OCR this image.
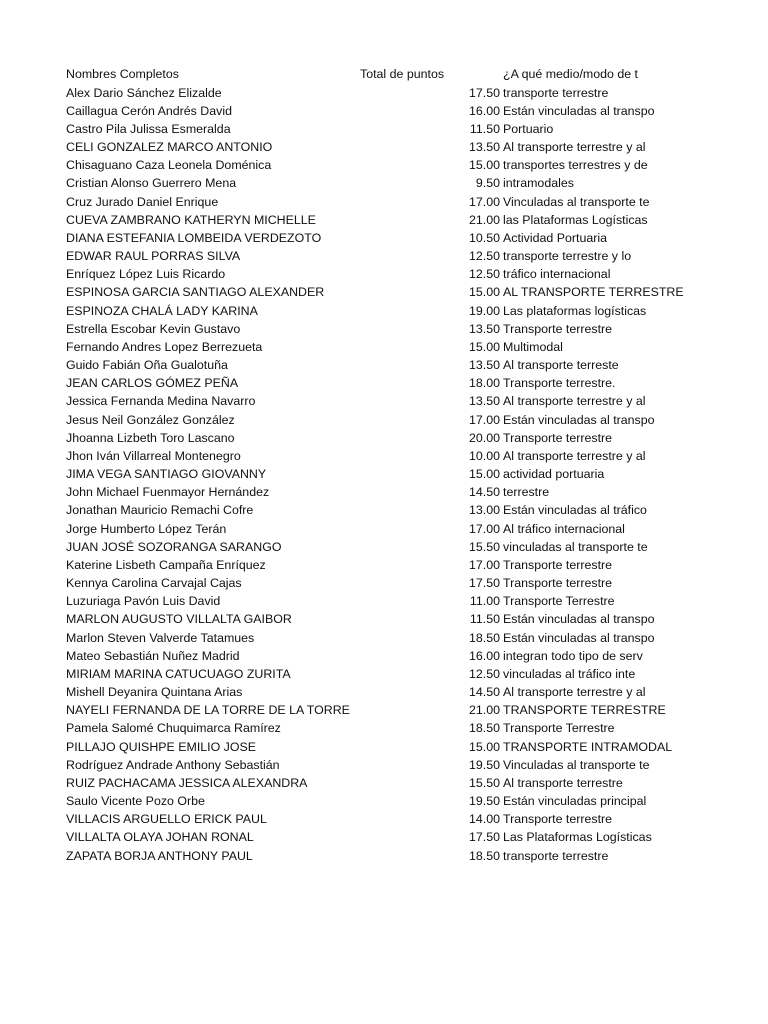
Nombres Completos	Total de puntos	¿A qué medio/modo de t
Alex Dario Sánchez Elizalde	17.50 transporte terrestre
Caillagua Cerón Andrés David	16.00 Están vinculadas al transpo
Castro Pila Julissa Esmeralda	11.50 Portuario
CELI GONZALEZ MARCO ANTONIO	13.50 Al transporte terrestre y al
Chisaguano Caza Leonela Doménica	15.00 transportes terrestres y de
Cristian Alonso Guerrero Mena	9.50 intramodales
Cruz Jurado Daniel Enrique	17.00 Vinculadas al transporte te
CUEVA ZAMBRANO KATHERYN MICHELLE	21.00 las Plataformas Logísticas
DIANA ESTEFANIA LOMBEIDA VERDEZOTO	10.50 Actividad Portuaria
EDWAR RAUL PORRAS SILVA	12.50 transporte terrestre y lo
Enríquez López Luis Ricardo	12.50 tráfico internacional
ESPINOSA GARCIA SANTIAGO ALEXANDER	15.00 AL TRANSPORTE TERRESTRE
ESPINOZA CHALÁ LADY KARINA	19.00 Las plataformas logísticas
Estrella Escobar Kevin Gustavo	13.50 Transporte terrestre
Fernando Andres Lopez Berrezueta	15.00 Multimodal
Guido Fabián Oña Gualotuña	13.50 Al transporte terreste
JEAN CARLOS GÓMEZ PEÑA	18.00 Transporte terrestre.
Jessica Fernanda Medina Navarro	13.50 Al transporte terrestre y al
Jesus Neil González González	17.00 Están vinculadas al transpo
Jhoanna Lizbeth Toro Lascano	20.00 Transporte terrestre
Jhon Iván Villarreal Montenegro	10.00 Al transporte terrestre y al
JIMA VEGA SANTIAGO GIOVANNY	15.00 actividad portuaria
John Michael Fuenmayor Hernández	14.50 terrestre
Jonathan Mauricio Remachi Cofre	13.00 Están vinculadas al tráfico
Jorge Humberto López Terán	17.00 Al tráfico internacional
JUAN JOSÉ SOZORANGA SARANGO	15.50 vinculadas al transporte te
Katerine Lisbeth Campaña Enríquez	17.00 Transporte terrestre
Kennya Carolina Carvajal Cajas	17.50 Transporte terrestre
Luzuriaga Pavón Luis David	11.00 Transporte Terrestre
MARLON AUGUSTO VILLALTA GAIBOR	11.50 Están vinculadas al transpo
Marlon Steven Valverde Tatamues	18.50 Están vinculadas al transpo
Mateo Sebastián Nuñez Madrid	16.00 integran todo tipo de serv
MIRIAM MARINA CATUCUAGO ZURITA	12.50 vinculadas al tráfico inte
Mishell Deyanira Quintana Arias	14.50 Al transporte terrestre y al
NAYELI FERNANDA DE LA TORRE DE LA TORRE	21.00 TRANSPORTE TERRESTRE
Pamela Salomé Chuquimarca Ramírez	18.50 Transporte Terrestre
PILLAJO QUISHPE EMILIO JOSE	15.00 TRANSPORTE INTRAMODAL
Rodríguez Andrade Anthony Sebastián	19.50 Vinculadas al transporte te
RUIZ PACHACAMA JESSICA ALEXANDRA	15.50 Al transporte terrestre
Saulo Vicente Pozo Orbe	19.50 Están vinculadas principal
VILLACIS ARGUELLO ERICK PAUL	14.00 Transporte terrestre
VILLALTA OLAYA JOHAN RONAL	17.50 Las Plataformas Logísticas
ZAPATA BORJA ANTHONY PAUL	18.50 transporte terrestre
